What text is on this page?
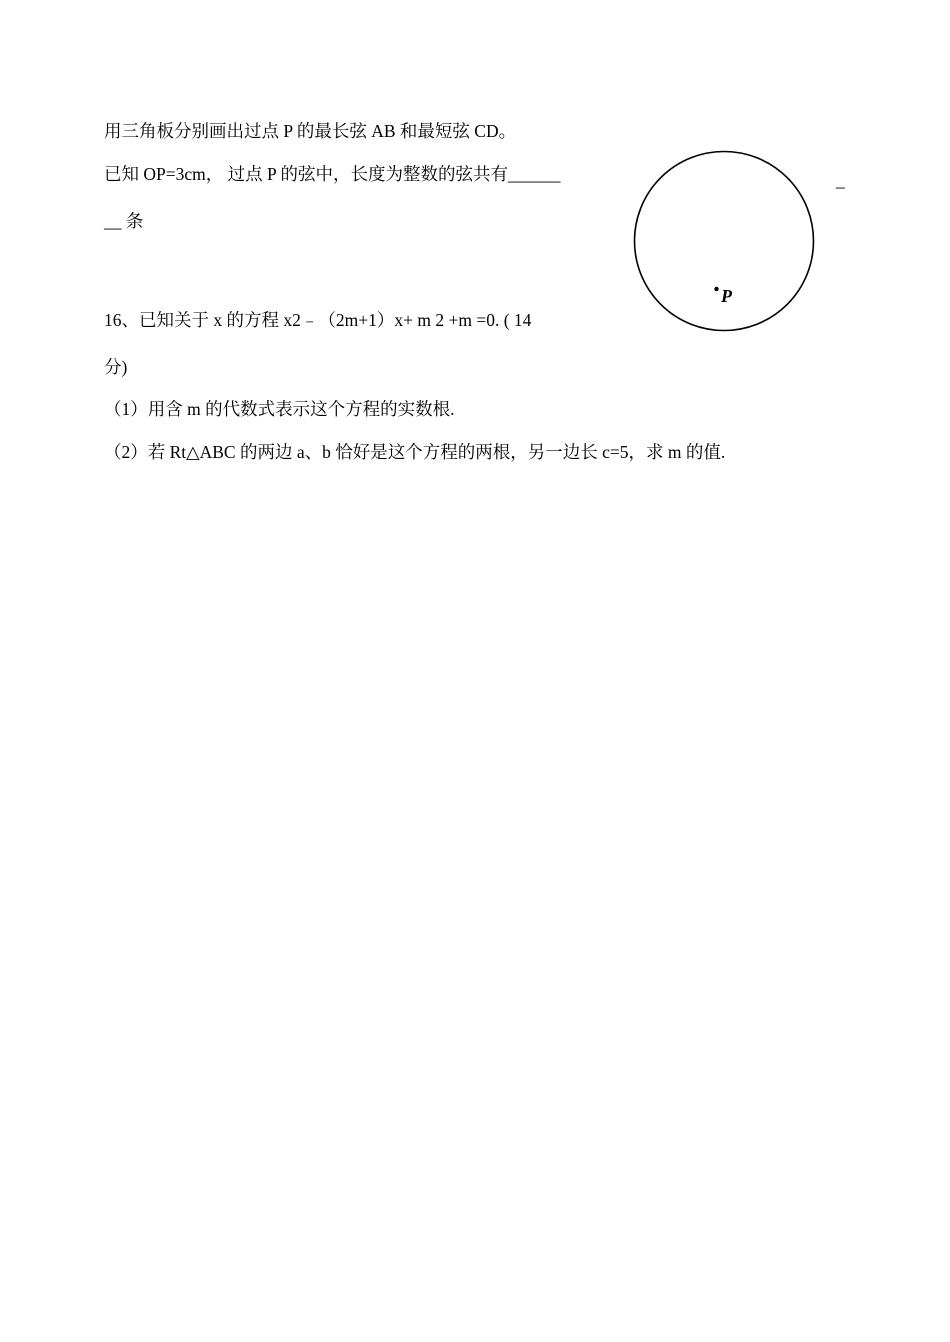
用三角板分别画出过点 P 的最长弦 AB 和最短弦 CD。
已知 OP=3cm， 过点 P 的弦中，长度为整数的弦共有______
__ 条
_
P
16、已知关于 x 的方程 x2﹣（2m+1）x+ m 2 +m =0. ( 14
分)
（1）用含 m 的代数式表示这个方程的实数根.
（2）若 Rt△ABC 的两边 a、b 恰好是这个方程的两根，另一边长 c=5，求 m 的值.
